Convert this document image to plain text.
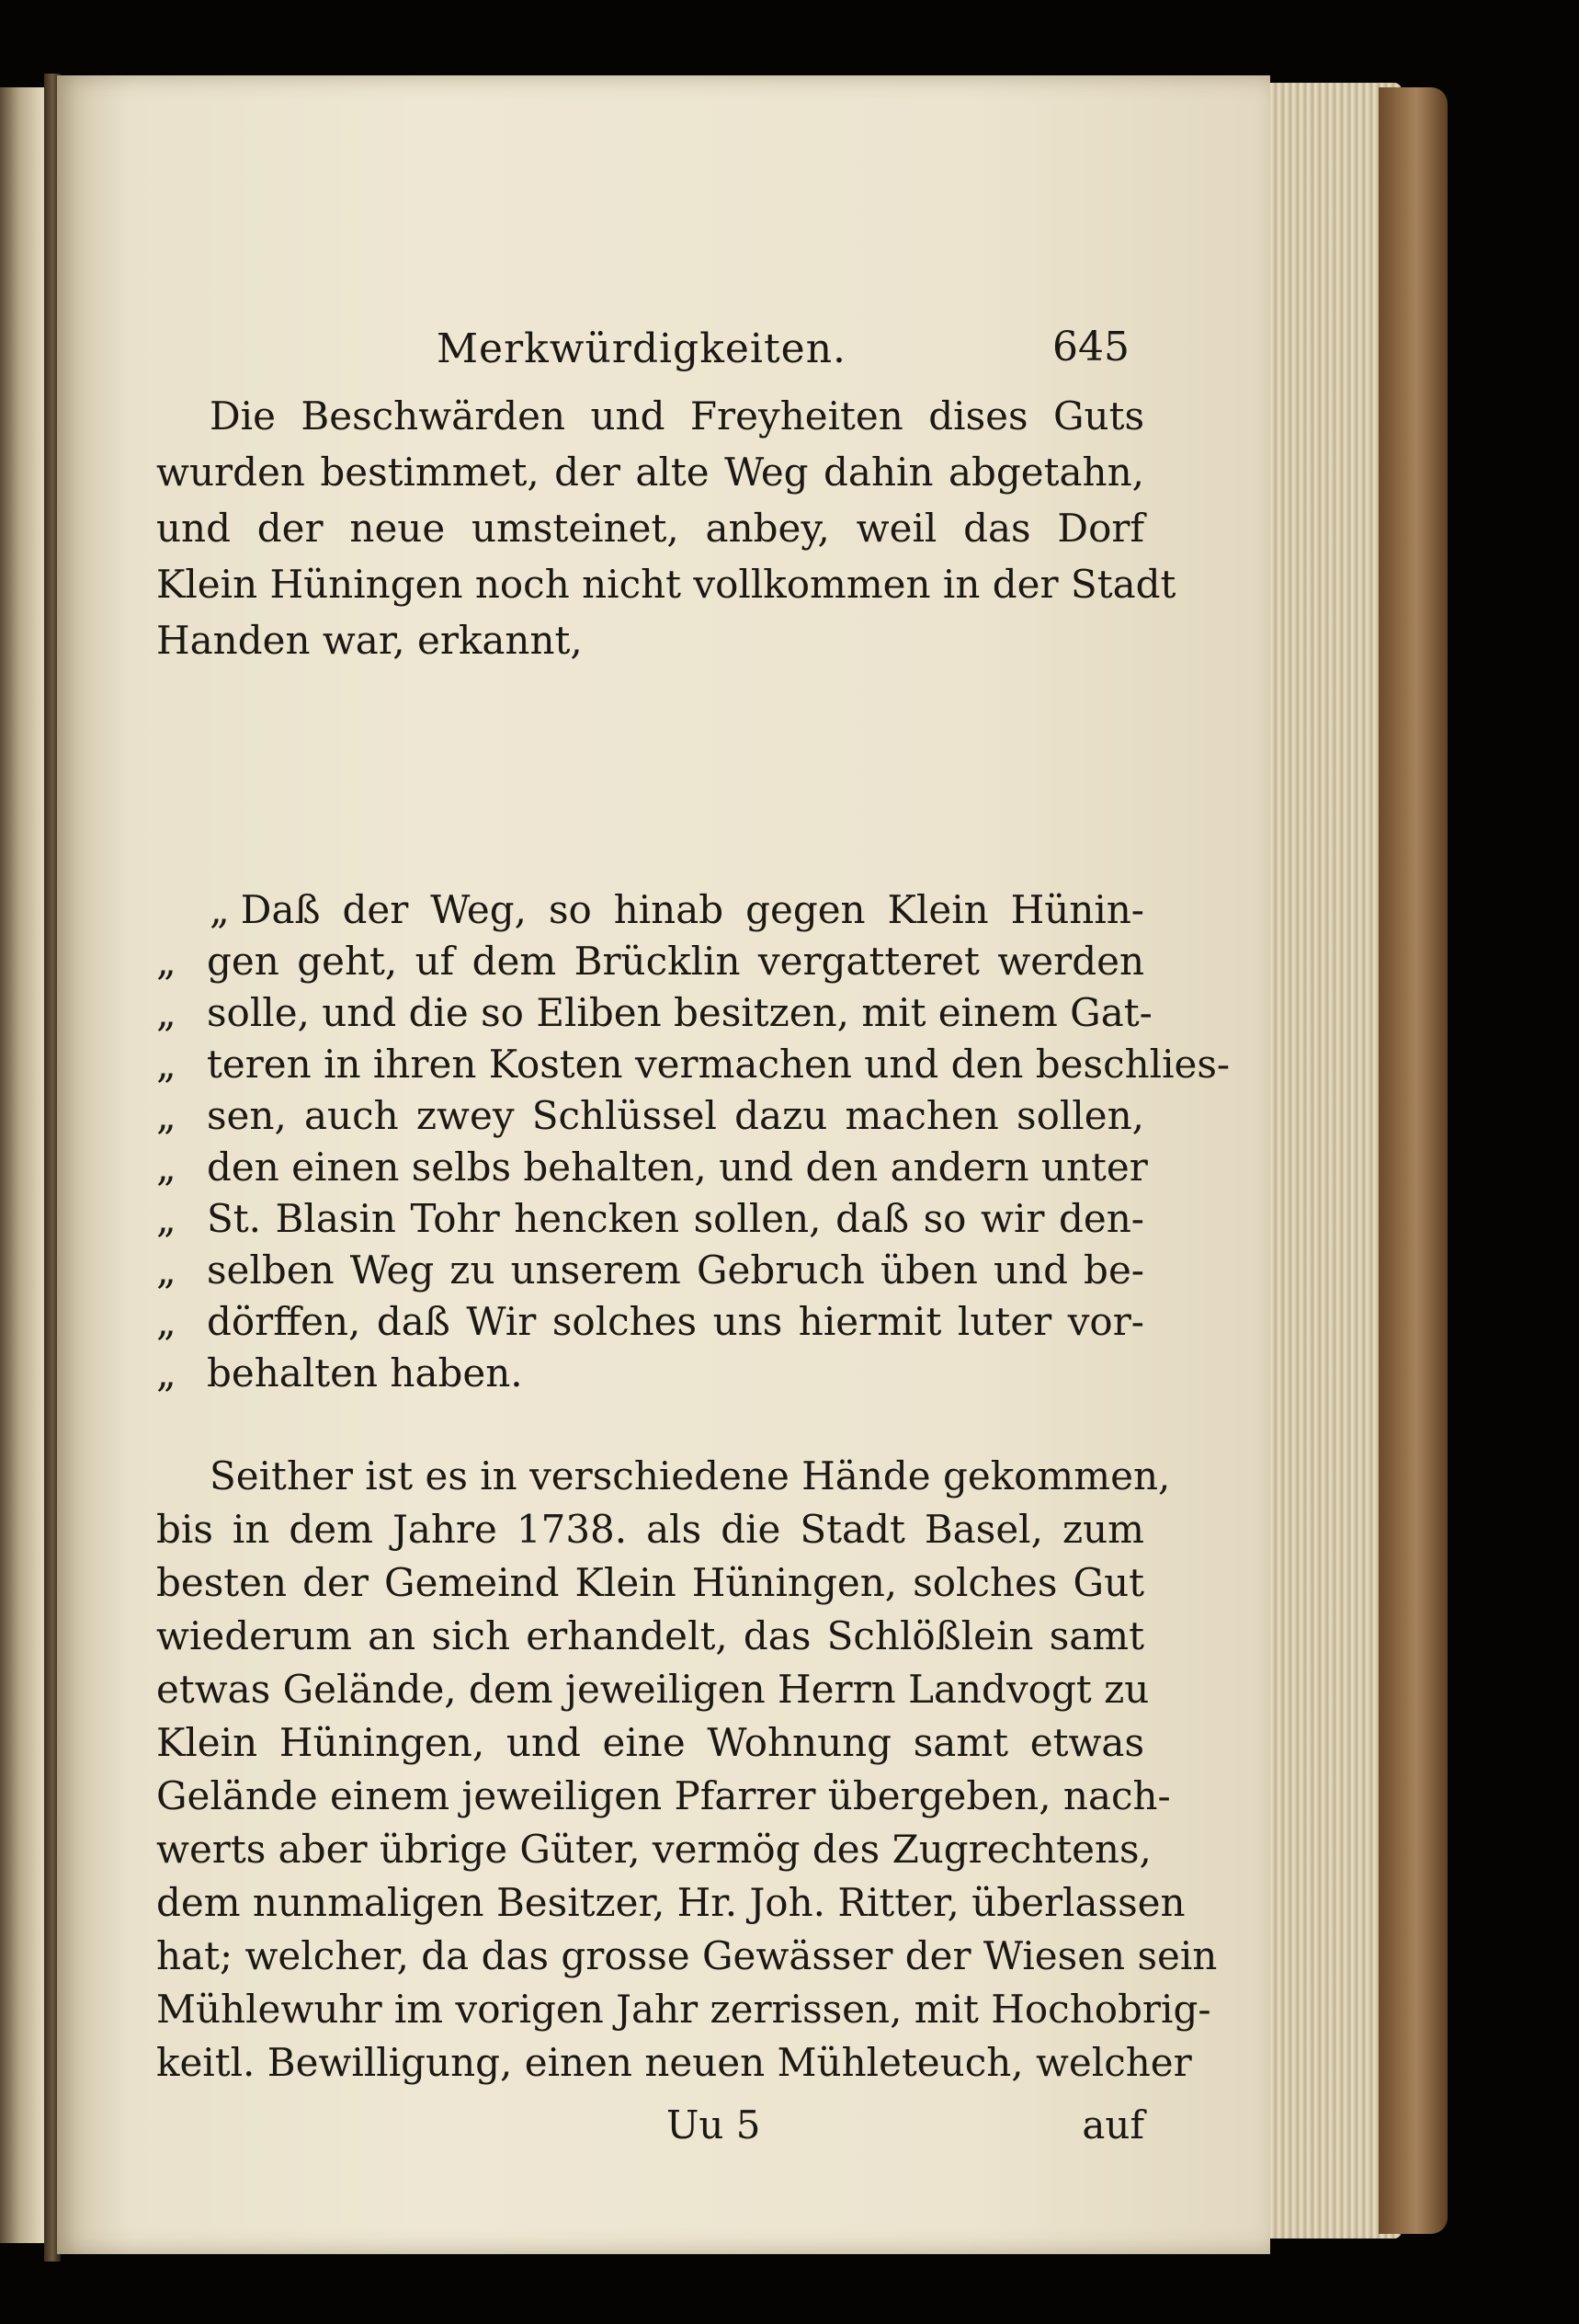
Merkwürdigkeiten.	645
Die Beschwärden und Freyheiten dises Guts
wurden bestimmet, der alte Weg dahin abgetahn,
und der neue umsteinet, anbey, weil das Dorf
Klein Hüningen noch nicht vollkommen in der Stadt
Handen war, erkannt,
„ Daß der Weg, so hinab gegen Klein Hünin-
„ gen geht, uf dem Brücklin vergatteret werden
„ solle, und die so Eliben besitzen, mit einem Gat-
„ teren in ihren Kosten vermachen und den beschlies-
„ sen, auch zwey Schlüssel dazu machen sollen,
„ den einen selbs behalten, und den andern unter
„ St. Blasin Tohr hencken sollen, daß so wir den-
„ selben Weg zu unserem Gebruch üben und be-
„ dörffen, daß Wir solches uns hiermit luter vor-
„ behalten haben.
Seither ist es in verschiedene Hände gekommen,
bis in dem Jahre 1738. als die Stadt Basel, zum
besten der Gemeind Klein Hüningen, solches Gut
wiederum an sich erhandelt, das Schlößlein samt
etwas Gelände, dem jeweiligen Herrn Landvogt zu
Klein Hüningen, und eine Wohnung samt etwas
Gelände einem jeweiligen Pfarrer übergeben, nach-
werts aber übrige Güter, vermög des Zugrechtens,
dem nunmaligen Besitzer, Hr. Joh. Ritter, überlassen
hat; welcher, da das grosse Gewässer der Wiesen sein
Mühlewuhr im vorigen Jahr zerrissen, mit Hochobrig-
keitl. Bewilligung, einen neuen Mühleteuch, welcher
Uu 5	auf
